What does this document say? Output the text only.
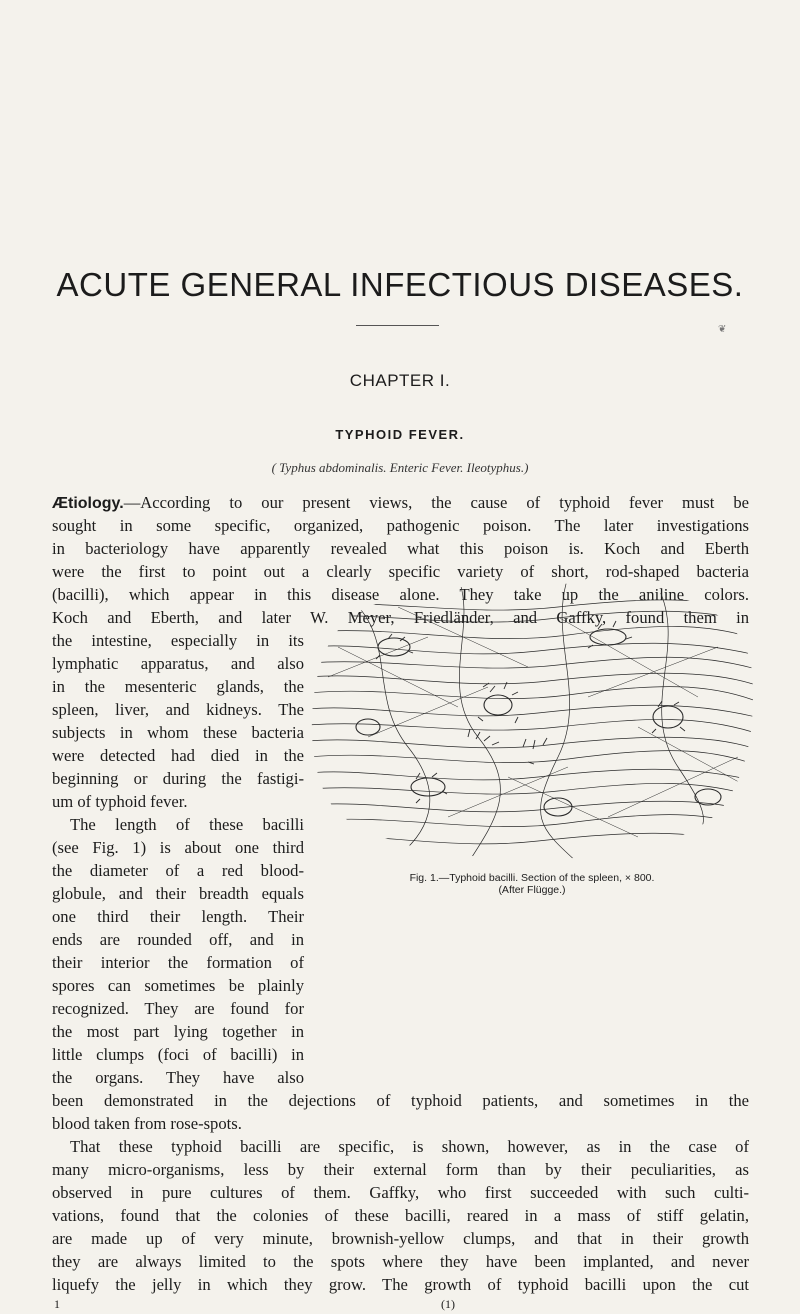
ACUTE GENERAL INFECTIOUS DISEASES.
❦
CHAPTER I.
TYPHOID FEVER.
( Typhus abdominalis. Enteric Fever. Ileotyphus.)
Ætiology.—According to our present views, the cause of typhoid fever must be
sought in some specific, organized, pathogenic poison. The later investigations
in bacteriology have apparently revealed what this poison is. Koch and Eberth
were the first to point out a clearly specific variety of short, rod-shaped bacteria
(bacilli), which appear in this disease alone. They take up the aniline colors.
Koch and Eberth, and later W. Meyer, Friedländer, and Gaffky, found them in
the intestine, especially in its
lymphatic apparatus, and also
in the mesenteric glands, the
spleen, liver, and kidneys. The
subjects in whom these bacteria
were detected had died in the
beginning or during the fastigi-
um of typhoid fever.
The length of these bacilli
(see Fig. 1) is about one third
the diameter of a red blood-
globule, and their breadth equals
one third their length. Their
ends are rounded off, and in
their interior the formation of
spores can sometimes be plainly
recognized. They are found for
the most part lying together in
little clumps (foci of bacilli) in
the organs. They have also
been demonstrated in the dejections of typhoid patients, and sometimes in the
blood taken from rose-spots.
That these typhoid bacilli are specific, is shown, however, as in the case of
many micro-organisms, less by their external form than by their peculiarities, as
observed in pure cultures of them. Gaffky, who first succeeded with such culti-
vations, found that the colonies of these bacilli, reared in a mass of stiff gelatin,
are made up of very minute, brownish-yellow clumps, and that in their growth
they are always limited to the spots where they have been implanted, and never
liquefy the jelly in which they grow. The growth of typhoid bacilli upon the cut
Fig. 1.—Typhoid bacilli. Section of the spleen, × 800.
(After Flügge.)
1	(1)
